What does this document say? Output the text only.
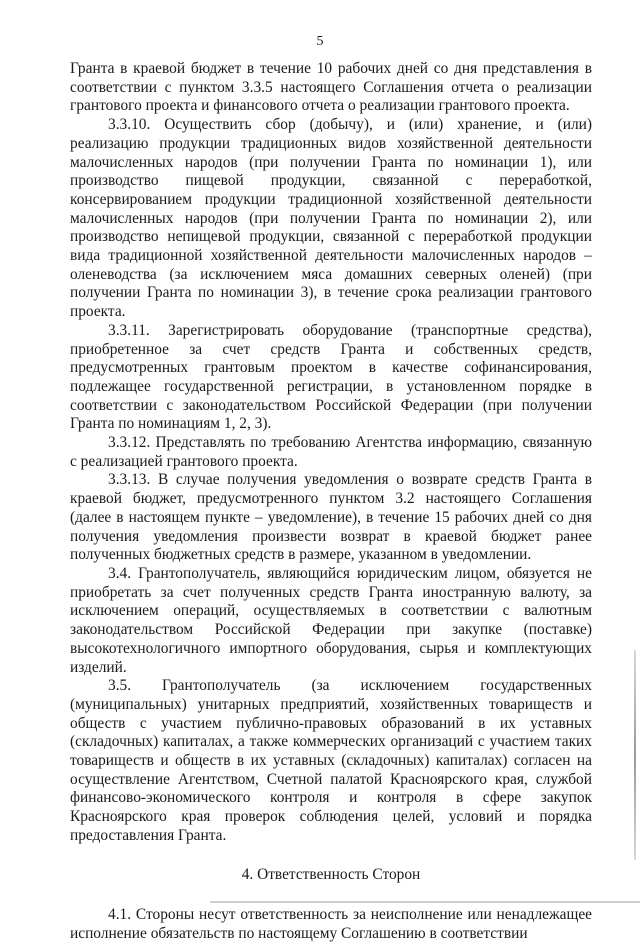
5

Гранта в краевой бюджет в течение 10 рабочих дней со дня представления в соответствии с пунктом 3.3.5 настоящего Соглашения отчета о реализации грантового проекта и финансового отчета о реализации грантового проекта.

3.3.10. Осуществить сбор (добычу), и (или) хранение, и (или) реализацию продукции традиционных видов хозяйственной деятельности малочисленных народов (при получении Гранта по номинации 1), или производство пищевой продукции, связанной с переработкой, консервированием продукции традиционной хозяйственной деятельности малочисленных народов (при получении Гранта по номинации 2), или производство непищевой продукции, связанной с переработкой продукции вида традиционной хозяйственной деятельности малочисленных народов – оленеводства (за исключением мяса домашних северных оленей) (при получении Гранта по номинации 3), в течение срока реализации грантового проекта.

3.3.11. Зарегистрировать оборудование (транспортные средства), приобретенное за счет средств Гранта и собственных средств, предусмотренных грантовым проектом в качестве софинансирования, подлежащее государственной регистрации, в установленном порядке в соответствии с законодательством Российской Федерации (при получении Гранта по номинациям 1, 2, 3).

3.3.12. Представлять по требованию Агентства информацию, связанную с реализацией грантового проекта.

3.3.13. В случае получения уведомления о возврате средств Гранта в краевой бюджет, предусмотренного пунктом 3.2 настоящего Соглашения (далее в настоящем пункте – уведомление), в течение 15 рабочих дней со дня получения уведомления произвести возврат в краевой бюджет ранее полученных бюджетных средств в размере, указанном в уведомлении.

3.4. Грантополучатель, являющийся юридическим лицом, обязуется не приобретать за счет полученных средств Гранта иностранную валюту, за исключением операций, осуществляемых в соответствии с валютным законодательством Российской Федерации при закупке (поставке) высокотехнологичного импортного оборудования, сырья и комплектующих изделий.

3.5. Грантополучатель (за исключением государственных (муниципальных) унитарных предприятий, хозяйственных товариществ и обществ с участием публично-правовых образований в их уставных (складочных) капиталах, а также коммерческих организаций с участием таких товариществ и обществ в их уставных (складочных) капиталах) согласен на осуществление Агентством, Счетной палатой Красноярского края, службой финансово-экономического контроля и контроля в сфере закупок Красноярского края проверок соблюдения целей, условий и порядка предоставления Гранта.

4. Ответственность Сторон

4.1. Стороны несут ответственность за неисполнение или ненадлежащее исполнение обязательств по настоящему Соглашению в соответствии
